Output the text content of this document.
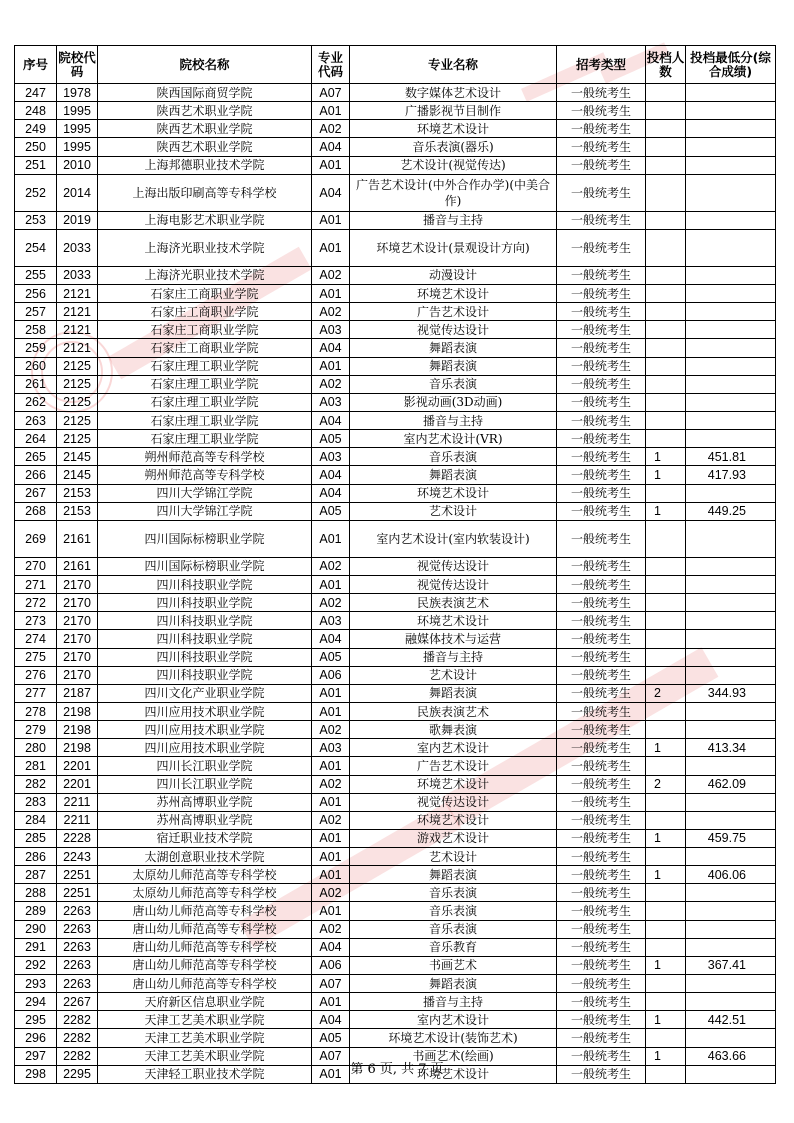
序号	院校代码	院校名称	专业代码	专业名称	招考类型	投档人数	投档最低分(综合成绩)
247	1978	陕西国际商贸学院	A07	数字媒体艺术设计	一般统考生		
248	1995	陕西艺术职业学院	A01	广播影视节目制作	一般统考生		
249	1995	陕西艺术职业学院	A02	环境艺术设计	一般统考生		
250	1995	陕西艺术职业学院	A04	音乐表演(器乐)	一般统考生		
251	2010	上海邦德职业技术学院	A01	艺术设计(视觉传达)	一般统考生		
252	2014	上海出版印刷高等专科学校	A04	广告艺术设计(中外合作办学)(中美合作)	一般统考生		
253	2019	上海电影艺术职业学院	A01	播音与主持	一般统考生		
254	2033	上海济光职业技术学院	A01	环境艺术设计(景观设计方向)	一般统考生		
255	2033	上海济光职业技术学院	A02	动漫设计	一般统考生		
256	2121	石家庄工商职业学院	A01	环境艺术设计	一般统考生		
257	2121	石家庄工商职业学院	A02	广告艺术设计	一般统考生		
258	2121	石家庄工商职业学院	A03	视觉传达设计	一般统考生		
259	2121	石家庄工商职业学院	A04	舞蹈表演	一般统考生		
260	2125	石家庄理工职业学院	A01	舞蹈表演	一般统考生		
261	2125	石家庄理工职业学院	A02	音乐表演	一般统考生		
262	2125	石家庄理工职业学院	A03	影视动画(3D动画)	一般统考生		
263	2125	石家庄理工职业学院	A04	播音与主持	一般统考生		
264	2125	石家庄理工职业学院	A05	室内艺术设计(VR)	一般统考生		
265	2145	朔州师范高等专科学校	A03	音乐表演	一般统考生	1	451.81
266	2145	朔州师范高等专科学校	A04	舞蹈表演	一般统考生	1	417.93
267	2153	四川大学锦江学院	A04	环境艺术设计	一般统考生		
268	2153	四川大学锦江学院	A05	艺术设计	一般统考生	1	449.25
269	2161	四川国际标榜职业学院	A01	室内艺术设计(室内软装设计)	一般统考生		
270	2161	四川国际标榜职业学院	A02	视觉传达设计	一般统考生		
271	2170	四川科技职业学院	A01	视觉传达设计	一般统考生		
272	2170	四川科技职业学院	A02	民族表演艺术	一般统考生		
273	2170	四川科技职业学院	A03	环境艺术设计	一般统考生		
274	2170	四川科技职业学院	A04	融媒体技术与运营	一般统考生		
275	2170	四川科技职业学院	A05	播音与主持	一般统考生		
276	2170	四川科技职业学院	A06	艺术设计	一般统考生		
277	2187	四川文化产业职业学院	A01	舞蹈表演	一般统考生	2	344.93
278	2198	四川应用技术职业学院	A01	民族表演艺术	一般统考生		
279	2198	四川应用技术职业学院	A02	歌舞表演	一般统考生		
280	2198	四川应用技术职业学院	A03	室内艺术设计	一般统考生	1	413.34
281	2201	四川长江职业学院	A01	广告艺术设计	一般统考生		
282	2201	四川长江职业学院	A02	环境艺术设计	一般统考生	2	462.09
283	2211	苏州高博职业学院	A01	视觉传达设计	一般统考生		
284	2211	苏州高博职业学院	A02	环境艺术设计	一般统考生		
285	2228	宿迁职业技术学院	A01	游戏艺术设计	一般统考生	1	459.75
286	2243	太湖创意职业技术学院	A01	艺术设计	一般统考生		
287	2251	太原幼儿师范高等专科学校	A01	舞蹈表演	一般统考生	1	406.06
288	2251	太原幼儿师范高等专科学校	A02	音乐表演	一般统考生		
289	2263	唐山幼儿师范高等专科学校	A01	音乐表演	一般统考生		
290	2263	唐山幼儿师范高等专科学校	A02	音乐表演	一般统考生		
291	2263	唐山幼儿师范高等专科学校	A04	音乐教育	一般统考生		
292	2263	唐山幼儿师范高等专科学校	A06	书画艺术	一般统考生	1	367.41
293	2263	唐山幼儿师范高等专科学校	A07	舞蹈表演	一般统考生		
294	2267	天府新区信息职业学院	A01	播音与主持	一般统考生		
295	2282	天津工艺美术职业学院	A04	室内艺术设计	一般统考生	1	442.51
296	2282	天津工艺美术职业学院	A05	环境艺术设计(装饰艺术)	一般统考生		
297	2282	天津工艺美术职业学院	A07	书画艺术(绘画)	一般统考生	1	463.66
298	2295	天津轻工职业技术学院	A01	环境艺术设计	一般统考生		
第 6 页, 共 7 页
